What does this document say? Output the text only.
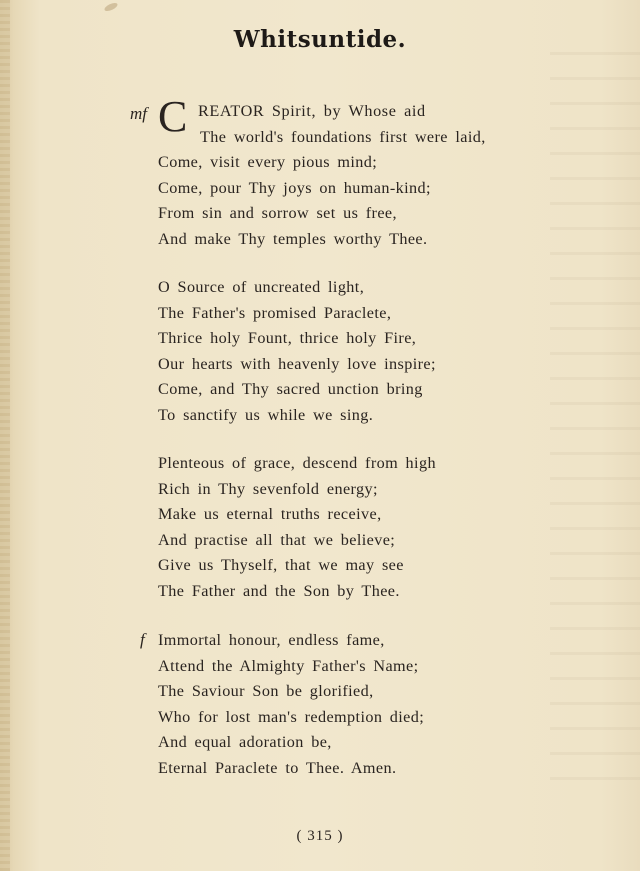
Whitsuntide.
mf C REATOR Spirit, by Whose aid
The world's foundations first were laid,
Come, visit every pious mind;
Come, pour Thy joys on human-kind;
From sin and sorrow set us free,
And make Thy temples worthy Thee.
O Source of uncreated light,
The Father's promised Paraclete,
Thrice holy Fount, thrice holy Fire,
Our hearts with heavenly love inspire;
Come, and Thy sacred unction bring
To sanctify us while we sing.
Plenteous of grace, descend from high
Rich in Thy sevenfold energy;
Make us eternal truths receive,
And practise all that we believe;
Give us Thyself, that we may see
The Father and the Son by Thee.
f Immortal honour, endless fame,
Attend the Almighty Father's Name;
The Saviour Son be glorified,
Who for lost man's redemption died;
And equal adoration be,
Eternal Paraclete to Thee. Amen.
( 315 )
